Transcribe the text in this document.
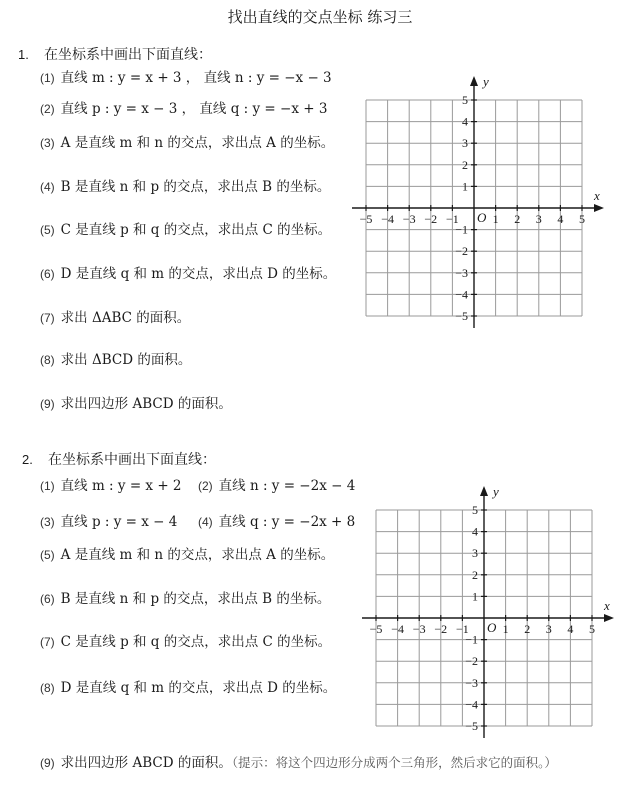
找出直线的交点坐标 练习三
1. 在坐标系中画出下面直线：
(1) 直线 m : y = x + 3 ， 直线 n : y = −x − 3
(2) 直线 p : y = x − 3 ， 直线 q : y = −x + 3
(3) A 是直线 m 和 n 的交点，求出点 A 的坐标。
(4) B 是直线 n 和 p 的交点，求出点 B 的坐标。
(5) C 是直线 p 和 q 的交点，求出点 C 的坐标。
(6) D 是直线 q 和 m 的交点，求出点 D 的坐标。
(7) 求出 ΔABC 的面积。
(8) 求出 ΔBCD 的面积。
(9) 求出四边形 ABCD 的面积。
−5 −4 −3 −2 −1	1 2 3 4 5
5
4
3
2
1
−1
−2
−3
−4
−5
O
x
y
2. 在坐标系中画出下面直线：
(1) 直线 m : y = x + 2 (2) 直线 n : y = −2x − 4
(3) 直线 p : y = x − 4 (4) 直线 q : y = −2x + 8
(5) A 是直线 m 和 n 的交点，求出点 A 的坐标。
(6) B 是直线 n 和 p 的交点，求出点 B 的坐标。
(7) C 是直线 p 和 q 的交点，求出点 C 的坐标。
(8) D 是直线 q 和 m 的交点，求出点 D 的坐标。
(9) 求出四边形 ABCD 的面积。（提示：将这个四边形分成两个三角形，然后求它的面积。）
−5 −4 −3 −2 −1	1 2 3 4 5
5
4
3
2
1
−1
−2
−3
−4
−5
O
x
y
